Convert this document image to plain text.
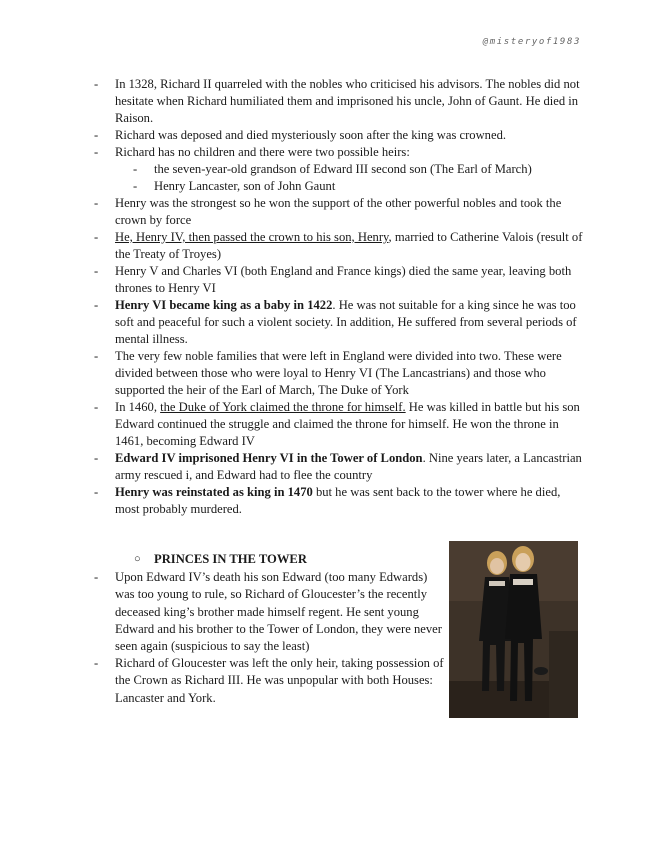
@misteryof1983
- In 1328, Richard II quarreled with the nobles who criticised his advisors. The nobles did not hesitate when Richard humiliated them and imprisoned his uncle, John of Gaunt. He died in Raison.
- Richard was deposed and died mysteriously soon after the king was crowned.
- Richard has no children and there were two possible heirs:
- the seven-year-old grandson of Edward III second son (The Earl of March)
- Henry Lancaster, son of John Gaunt
- Henry was the strongest so he won the support of the other powerful nobles and took the crown by force
- He, Henry IV, then passed the crown to his son, Henry, married to Catherine Valois (result of the Treaty of Troyes)
- Henry V and Charles VI (both England and France kings) died the same year, leaving both thrones to Henry VI
- Henry VI became king as a baby in 1422. He was not suitable for a king since he was too soft and peaceful for such a violent society. In addition, He suffered from several periods of mental illness.
- The very few noble families that were left in England were divided into two. These were divided between those who were loyal to Henry VI (The Lancastrians) and those who supported the heir of the Earl of March, The Duke of York
- In 1460, the Duke of York claimed the throne for himself. He was killed in battle but his son Edward continued the struggle and claimed the throne for himself. He won the throne in 1461, becoming Edward IV
- Edward IV imprisoned Henry VI in the Tower of London. Nine years later, a Lancastrian army rescued i, and Edward had to flee the country
- Henry was reinstated as king in 1470 but he was sent back to the tower where he died, most probably murdered.
○ PRINCES IN THE TOWER
- Upon Edward IV’s death his son Edward (too many Edwards) was too young to rule, so Richard of Gloucester’s the recently deceased king’s brother made himself regent. He sent young Edward and his brother to the Tower of London, they were never seen again (suspicious to say the least)
- Richard of Gloucester was left the only heir, taking possession of the Crown as Richard III. He was unpopular with both Houses: Lancaster and York.
